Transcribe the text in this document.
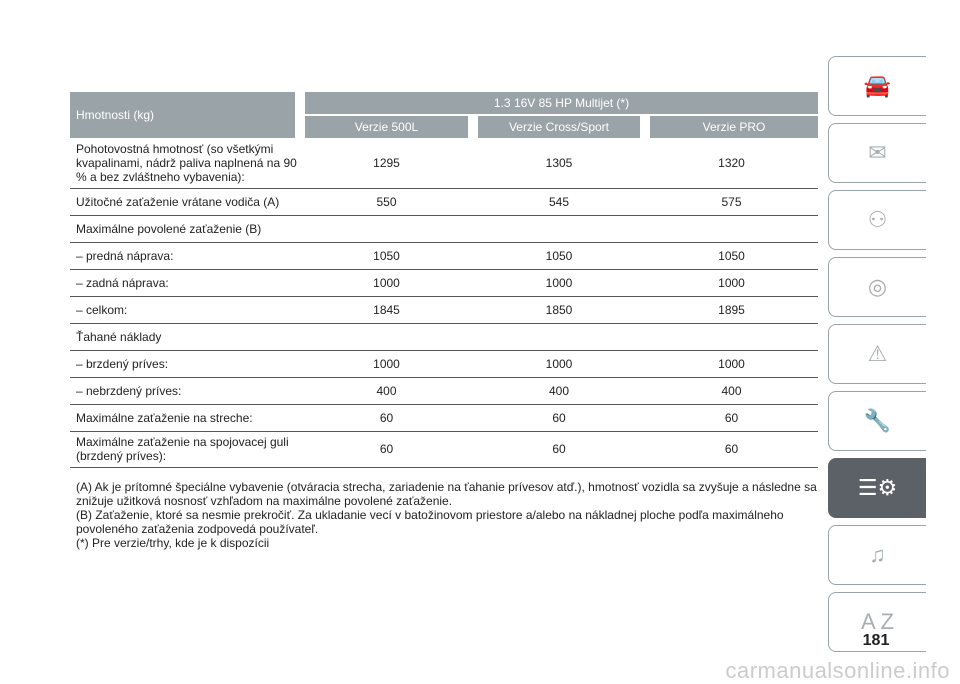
Hmotnosti (kg)	1.3 16V 85 HP Multijet (*)		
	Verzie 500L	Verzie Cross/Sport	Verzie PRO
Pohotovostná hmotnosť (so všetkými kvapalinami, nádrž paliva naplnená na 90 % a bez zvláštneho vybavenia):	1295	1305	1320
Užitočné zaťaženie vrátane vodiča (A)	550	545	575
Maximálne povolené zaťaženie (B)			
– predná náprava:	1050	1050	1050
– zadná náprava:	1000	1000	1000
– celkom:	1845	1850	1895
Ťahané náklady			
– brzdený príves:	1000	1000	1000
– nebrzdený príves:	400	400	400
Maximálne zaťaženie na streche:	60	60	60
Maximálne zaťaženie na spojovacej guli (brzdený príves):	60	60	60

(A) Ak je prítomné špeciálne vybavenie (otváracia strecha, zariadenie na ťahanie prívesov atď.), hmotnosť vozidla sa zvyšuje a následne sa znižuje užitková nosnosť vzhľadom na maximálne povolené zaťaženie.

(B) Zaťaženie, ktoré sa nesmie prekročiť. Za ukladanie vecí v batožinovom priestore a/alebo na nákladnej ploche podľa maximálneho povoleného zaťaženia zodpovedá používateľ.

(*) Pre verzie/trhy, kde je k dispozícii

🚘
✉
⚇
◎
⚠
🔧
☰⚙
♫
A Z
181
carmanualsonline.info
